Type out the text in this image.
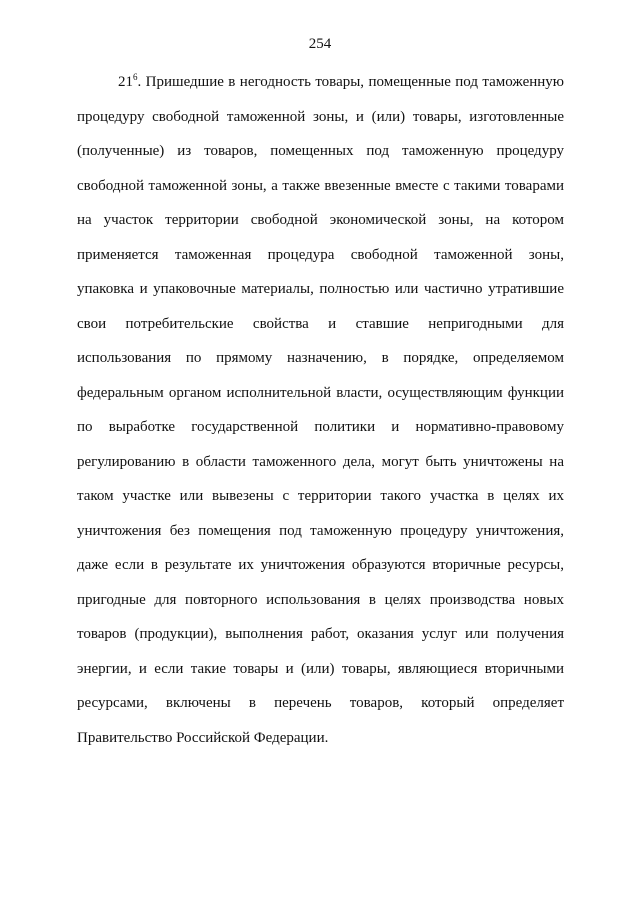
254
$21^6$. Пришедшие в негодность товары, помещенные под таможенную
процедуру свободной таможенной зоны, и (или) товары, изготовленные
(полученные) из товаров, помещенных под таможенную процедуру
свободной таможенной зоны, а также ввезенные вместе с такими товарами
на участок территории свободной экономической зоны, на котором
применяется таможенная процедура свободной таможенной зоны,
упаковка и упаковочные материалы, полностью или частично утратившие
свои потребительские свойства и ставшие непригодными для
использования по прямому назначению, в порядке, определяемом
федеральным органом исполнительной власти, осуществляющим функции
по выработке государственной политики и нормативно-правовому
регулированию в области таможенного дела, могут быть уничтожены на
таком участке или вывезены с территории такого участка в целях их
уничтожения без помещения под таможенную процедуру уничтожения,
даже если в результате их уничтожения образуются вторичные ресурсы,
пригодные для повторного использования в целях производства новых
товаров (продукции), выполнения работ, оказания услуг или получения
энергии, и если такие товары и (или) товары, являющиеся вторичными
ресурсами, включены в перечень товаров, который определяет
Правительство Российской Федерации.
